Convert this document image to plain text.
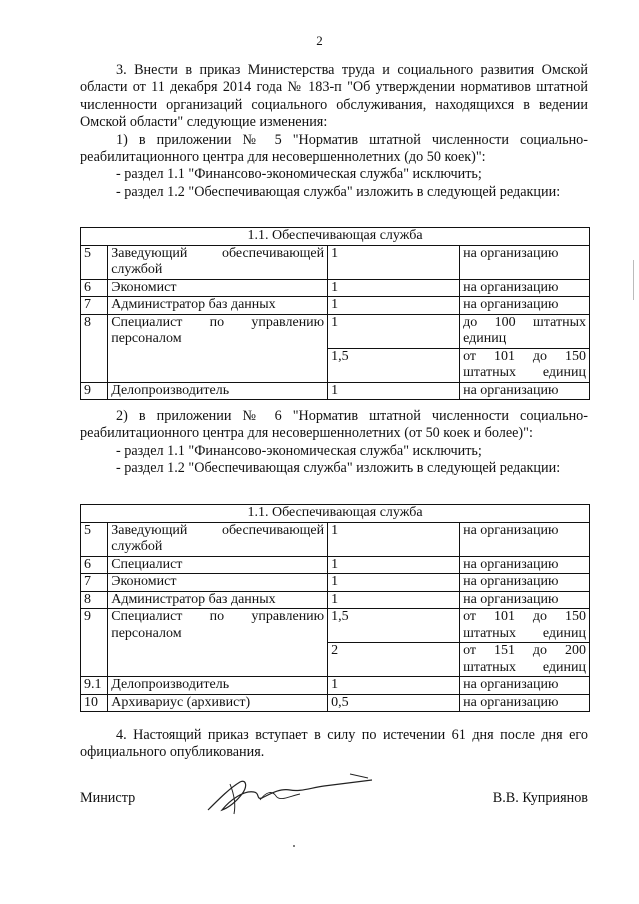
2

3. Внести в приказ Министерства труда и социального развития Омской области от 11 декабря 2014 года № 183-п "Об утверждении нормативов штатной численности организаций социального обслуживания, находящихся в ведении Омской области" следующие изменения:

1) в приложении № 5 "Норматив штатной численности социально-реабилитационного центра для несовершеннолетних (до 50 коек)":

- раздел 1.1 "Финансово-экономическая служба" исключить;

- раздел 1.2 "Обеспечивающая служба" изложить в следующей редакции:

1.1. Обеспечивающая служба			
5	Заведующий обеспечивающей службой	1	на организацию
6	Экономист	1	на организацию
7	Администратор баз данных	1	на организацию
8	Специалист по управлению персоналом	1	до 100 штатных единиц
		1,5	от 101 до 150 штатных единиц
9	Делопроизводитель	1	на организацию

2) в приложении № 6 "Норматив штатной численности социально-реабилитационного центра для несовершеннолетних (от 50 коек и более)":

- раздел 1.1 "Финансово-экономическая служба" исключить;

- раздел 1.2 "Обеспечивающая служба" изложить в следующей редакции:

1.1. Обеспечивающая служба			
5	Заведующий обеспечивающей службой	1	на организацию
6	Специалист	1	на организацию
7	Экономист	1	на организацию
8	Администратор баз данных	1	на организацию
9	Специалист по управлению персоналом	1,5	от 101 до 150 штатных единиц
		2	от 151 до 200 штатных единиц
9.1	Делопроизводитель	1	на организацию
10	Архивариус (архивист)	0,5	на организацию

4. Настоящий приказ вступает в силу по истечении 61 дня после дня его официального опубликования.

Министр	В.В. Куприянов
